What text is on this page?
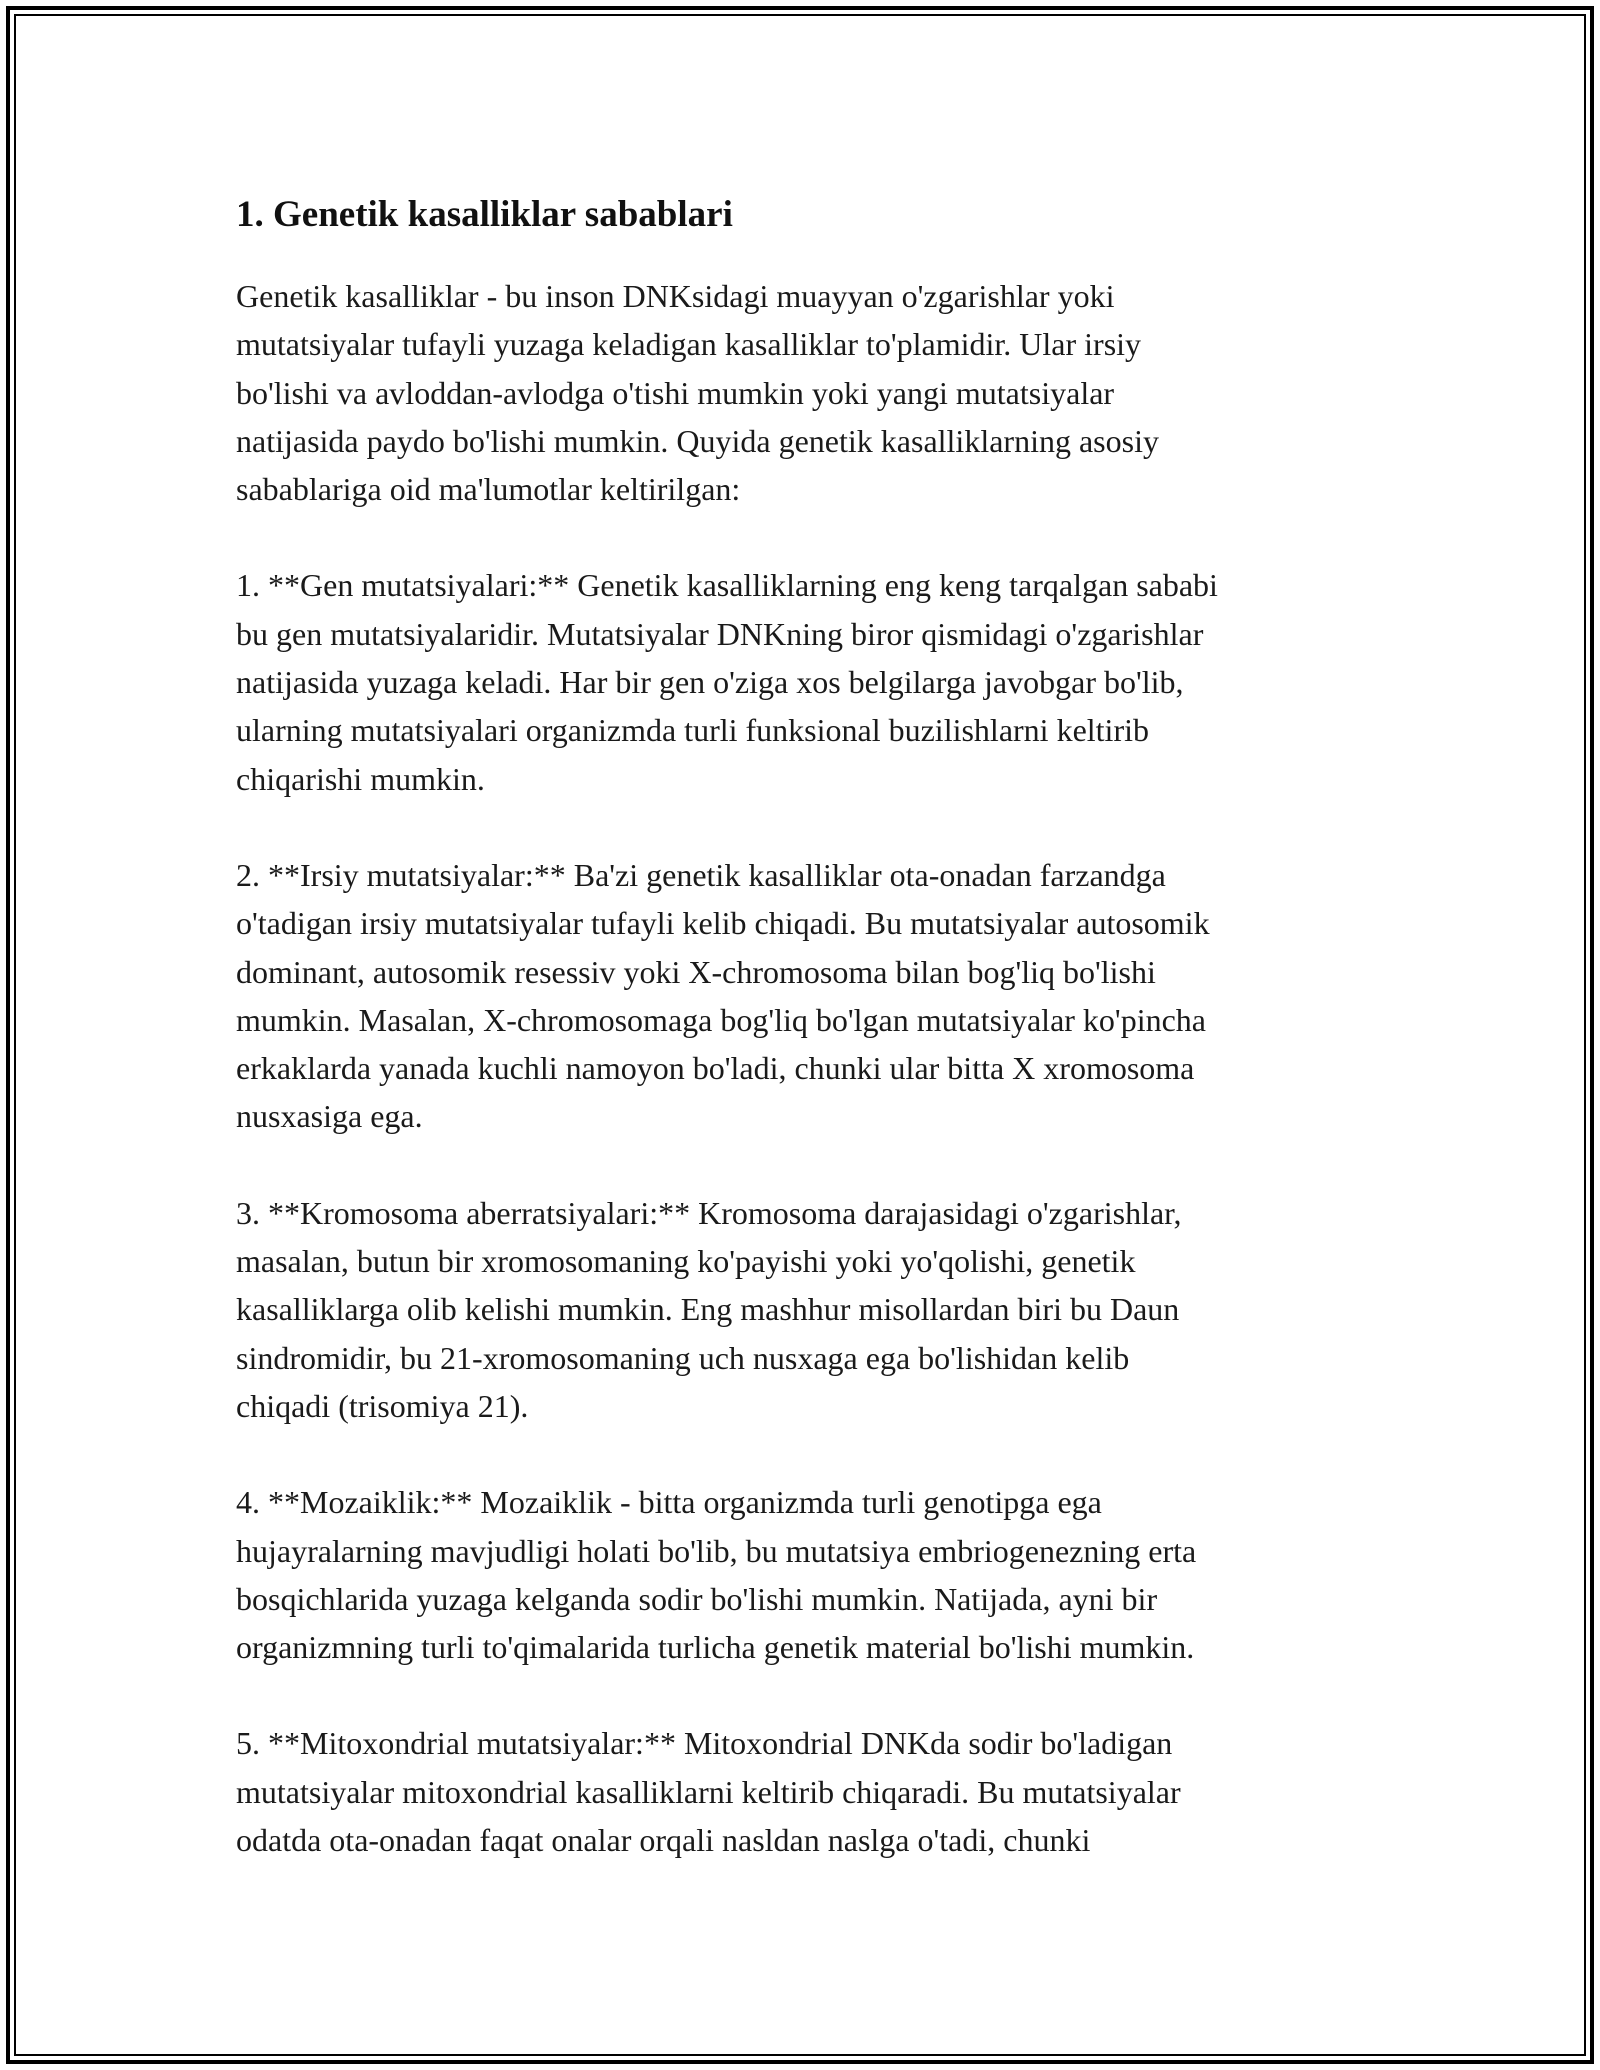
1. Genetik kasalliklar sabablari

Genetik kasalliklar - bu inson DNKsidagi muayyan o'zgarishlar yoki
mutatsiyalar tufayli yuzaga keladigan kasalliklar to'plamidir. Ular irsiy
bo'lishi va avloddan-avlodga o'tishi mumkin yoki yangi mutatsiyalar
natijasida paydo bo'lishi mumkin. Quyida genetik kasalliklarning asosiy
sabablariga oid ma'lumotlar keltirilgan:

1. **Gen mutatsiyalari:** Genetik kasalliklarning eng keng tarqalgan sababi
bu gen mutatsiyalaridir. Mutatsiyalar DNKning biror qismidagi o'zgarishlar
natijasida yuzaga keladi. Har bir gen o'ziga xos belgilarga javobgar bo'lib,
ularning mutatsiyalari organizmda turli funksional buzilishlarni keltirib
chiqarishi mumkin.

2. **Irsiy mutatsiyalar:** Ba'zi genetik kasalliklar ota-onadan farzandga
o'tadigan irsiy mutatsiyalar tufayli kelib chiqadi. Bu mutatsiyalar autosomik
dominant, autosomik resessiv yoki X-chromosoma bilan bog'liq bo'lishi
mumkin. Masalan, X-chromosomaga bog'liq bo'lgan mutatsiyalar ko'pincha
erkaklarda yanada kuchli namoyon bo'ladi, chunki ular bitta X xromosoma
nusxasiga ega.

3. **Kromosoma aberratsiyalari:** Kromosoma darajasidagi o'zgarishlar,
masalan, butun bir xromosomaning ko'payishi yoki yo'qolishi, genetik
kasalliklarga olib kelishi mumkin. Eng mashhur misollardan biri bu Daun
sindromidir, bu 21-xromosomaning uch nusxaga ega bo'lishidan kelib
chiqadi (trisomiya 21).

4. **Mozaiklik:** Mozaiklik - bitta organizmda turli genotipga ega
hujayralarning mavjudligi holati bo'lib, bu mutatsiya embriogenezning erta
bosqichlarida yuzaga kelganda sodir bo'lishi mumkin. Natijada, ayni bir
organizmning turli to'qimalarida turlicha genetik material bo'lishi mumkin.

5. **Mitoxondrial mutatsiyalar:** Mitoxondrial DNKda sodir bo'ladigan
mutatsiyalar mitoxondrial kasalliklarni keltirib chiqaradi. Bu mutatsiyalar
odatda ota-onadan faqat onalar orqali nasldan naslga o'tadi, chunki
